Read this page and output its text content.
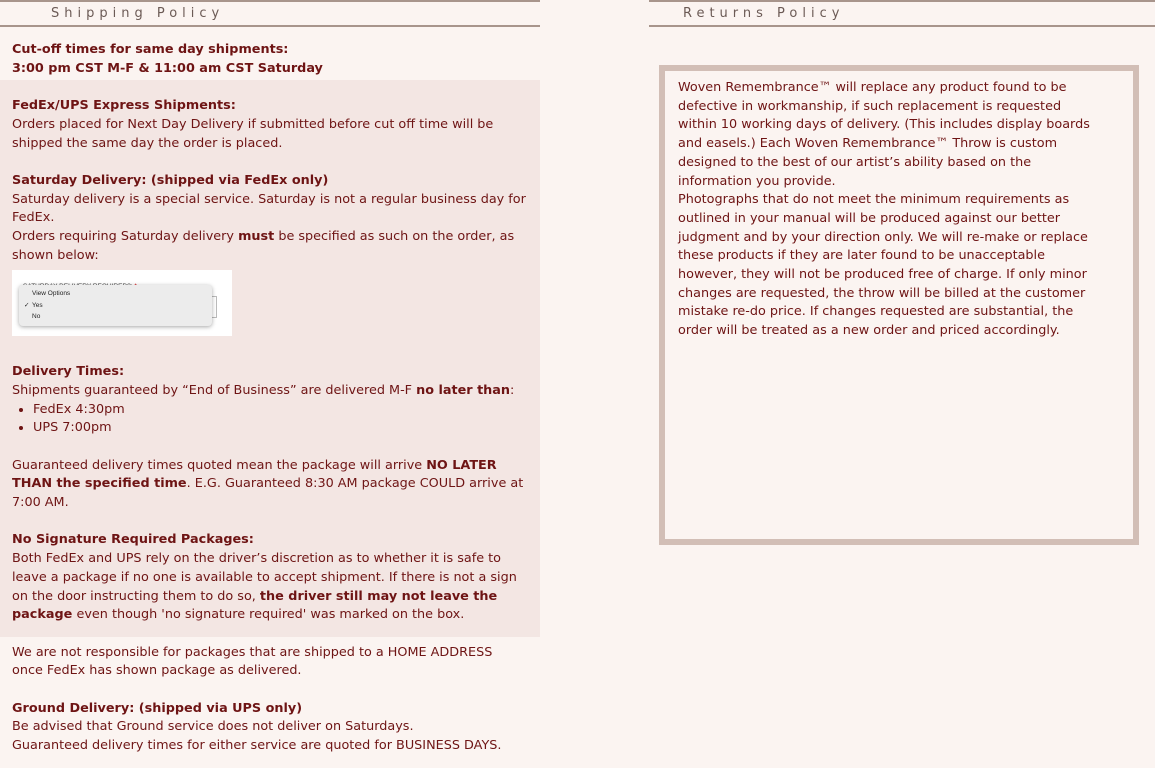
Shipping Policy	Returns Policy

Cut-off times for same day shipments:

3:00 pm CST M-F & 11:00 am CST Saturday

FedEx/UPS Express Shipments:

Orders placed for Next Day Delivery if submitted before cut off time will be shipped the same day the order is placed.

Saturday Delivery: (shipped via FedEx only)

Saturday delivery is a special service. Saturday is not a regular business day for FedEx.

Orders requiring Saturday delivery must be specified as such on the order, as shown below:

View Options
✓ Yes
No

Delivery Times:

Shipments guaranteed by “End of Business” are delivered M-F no later than:

• FedEx 4:30pm
• UPS 7:00pm

Guaranteed delivery times quoted mean the package will arrive NO LATER THAN the specified time. E.G. Guaranteed 8:30 AM package COULD arrive at 7:00 AM.

No Signature Required Packages:

Both FedEx and UPS rely on the driver’s discretion as to whether it is safe to leave a package if no one is available to accept shipment. If there is not a sign on the door instructing them to do so, the driver still may not leave the package even though 'no signature required' was marked on the box.

We are not responsible for packages that are shipped to a HOME ADDRESS once FedEx has shown package as delivered.

Ground Delivery: (shipped via UPS only)

Be advised that Ground service does not deliver on Saturdays.

Guaranteed delivery times for either service are quoted for BUSINESS DAYS.

Woven Remembrance™ will replace any product found to be defective in workmanship, if such replacement is requested within 10 working days of delivery. (This includes display boards and easels.) Each Woven Remembrance™ Throw is custom designed to the best of our artist’s ability based on the information you provide.

Photographs that do not meet the minimum requirements as outlined in your manual will be produced against our better judgment and by your direction only. We will re-make or replace these products if they are later found to be unacceptable however, they will not be produced free of charge. If only minor changes are requested, the throw will be billed at the customer mistake re-do price. If changes requested are substantial, the order will be treated as a new order and priced accordingly.
